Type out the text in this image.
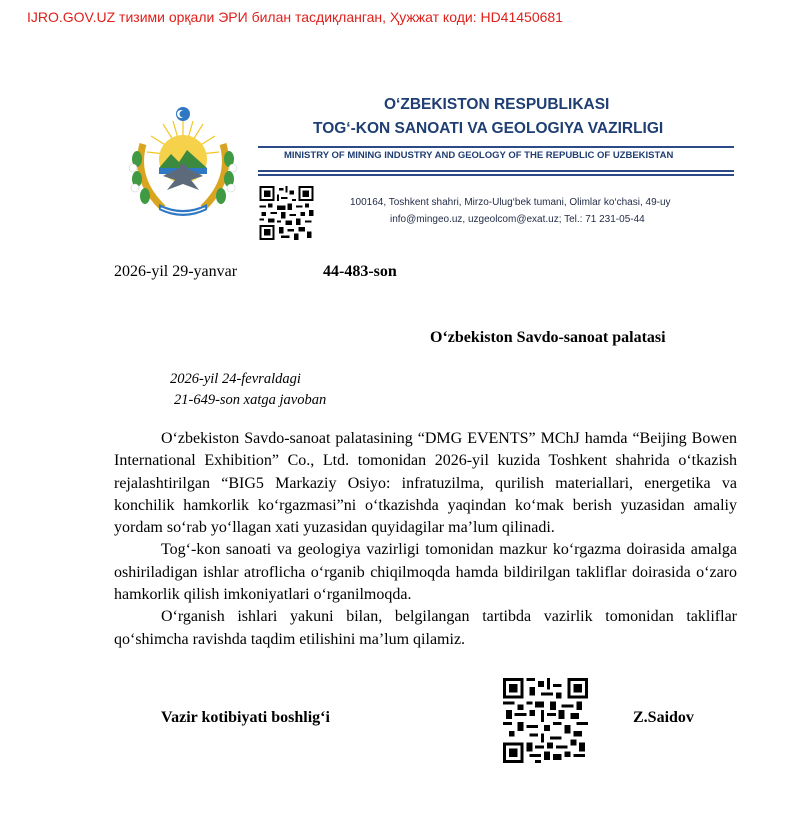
IJRO.GOV.UZ тизими орқали ЭРИ билан тасдиқланган, Ҳужжат коди: HD41450681
O‘ZBEKISTON RESPUBLIKASI
TOG‘-KON SANOATI VA GEOLOGIYA VAZIRLIGI
MINISTRY OF MINING INDUSTRY AND GEOLOGY OF THE REPUBLIC OF UZBEKISTAN
100164, Toshkent shahri, Mirzo-Ulug‘bek tumani, Olimlar ko‘chasi, 49-uy
info@mingeo.uz, uzgeolcom@exat.uz; Tel.: 71 231-05-44
2026-yil 29-yanvar	44-483-son
O‘zbekiston Savdo-sanoat palatasi
2026-yil 24-fevraldagi
21-649-son xatga javoban

O‘zbekiston Savdo-sanoat palatasining “DMG EVENTS” MChJ hamda “Beijing Bowen International Exhibition” Co., Ltd. tomonidan 2026-yil kuzida Toshkent shahrida o‘tkazish rejalashtirilgan “BIG5 Markaziy Osiyo: infratuzilma, qurilish materiallari, energetika va konchilik hamkorlik ko‘rgazmasi”ni o‘tkazishda yaqindan ko‘mak berish yuzasidan amaliy yordam so‘rab yo‘llagan xati yuzasidan quyidagilar ma’lum qilinadi.

Tog‘-kon sanoati va geologiya vazirligi tomonidan mazkur ko‘rgazma doirasida amalga oshiriladigan ishlar atroflicha o‘rganib chiqilmoqda hamda bildirilgan takliflar doirasida o‘zaro hamkorlik qilish imkoniyatlari o‘rganilmoqda.

O‘rganish ishlari yakuni bilan, belgilangan tartibda vazirlik tomonidan takliflar qo‘shimcha ravishda taqdim etilishini ma’lum qilamiz.

Vazir kotibiyati boshlig‘i	Z.Saidov
